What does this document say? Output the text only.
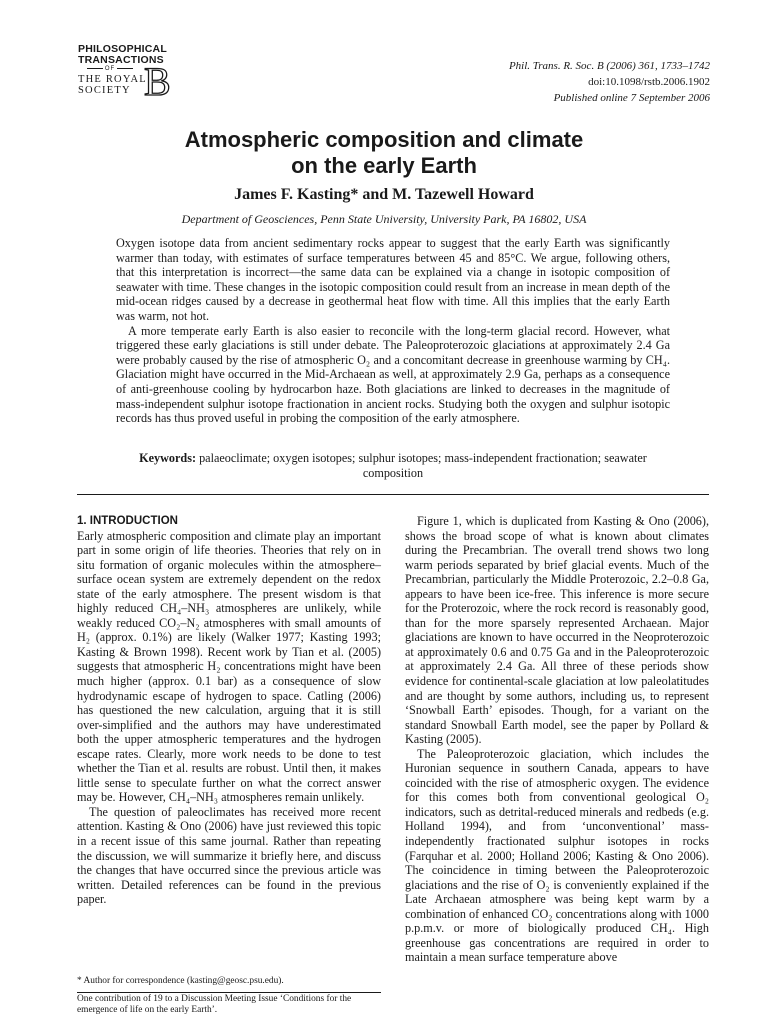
PHILOSOPHICAL
TRANSACTIONS
OF
THE ROYAL
SOCIETY B	Phil. Trans. R. Soc. B (2006) 361, 1733–1742
doi:10.1098/rstb.2006.1902
Published online 7 September 2006
Atmospheric composition and climate
on the early Earth
James F. Kasting* and M. Tazewell Howard
Department of Geosciences, Penn State University, University Park, PA 16802, USA

Oxygen isotope data from ancient sedimentary rocks appear to suggest that the early Earth was significantly warmer than today, with estimates of surface temperatures between 45 and 85°C. We argue, following others, that this interpretation is incorrect—the same data can be explained via a change in isotopic composition of seawater with time. These changes in the isotopic composition could result from an increase in mean depth of the mid-ocean ridges caused by a decrease in geothermal heat flow with time. All this implies that the early Earth was warm, not hot.

A more temperate early Earth is also easier to reconcile with the long-term glacial record. However, what triggered these early glaciations is still under debate. The Paleoproterozoic glaciations at approximately 2.4 Ga were probably caused by the rise of atmospheric O₂ and a concomitant decrease in greenhouse warming by CH₄. Glaciation might have occurred in the Mid-Archaean as well, at approximately 2.9 Ga, perhaps as a consequence of anti-greenhouse cooling by hydrocarbon haze. Both glaciations are linked to decreases in the magnitude of mass-independent sulphur isotope fractionation in ancient rocks. Studying both the oxygen and sulphur isotopic records has thus proved useful in probing the composition of the early atmosphere.

Keywords: palaeoclimate; oxygen isotopes; sulphur isotopes; mass-independent fractionation; seawater composition
1. INTRODUCTION

Early atmospheric composition and climate play an important part in some origin of life theories. Theories that rely on in situ formation of organic molecules within the atmosphere–surface ocean system are extremely dependent on the redox state of the early atmosphere. The present wisdom is that highly reduced CH₄–NH₃ atmospheres are unlikely, while weakly reduced CO₂–N₂ atmospheres with small amounts of H₂ (approx. 0.1%) are likely (Walker 1977; Kasting 1993; Kasting & Brown 1998). Recent work by Tian et al. (2005) suggests that atmospheric H₂ concentrations might have been much higher (approx. 0.1 bar) as a consequence of slow hydrodynamic escape of hydrogen to space. Catling (2006) has questioned the new calculation, arguing that it is still over-simplified and the authors may have underestimated both the upper atmospheric temperatures and the hydrogen escape rates. Clearly, more work needs to be done to test whether the Tian et al. results are robust. Until then, it makes little sense to speculate further on what the correct answer may be. However, CH₄–NH₃ atmospheres remain unlikely.

The question of paleoclimates has received more recent attention. Kasting & Ono (2006) have just reviewed this topic in a recent issue of this same journal. Rather than repeating the discussion, we will summarize it briefly here, and discuss the changes that have occurred since the previous article was written. Detailed references can be found in the previous paper.

Figure 1, which is duplicated from Kasting & Ono (2006), shows the broad scope of what is known about climates during the Precambrian. The overall trend shows two long warm periods separated by brief glacial events. Much of the Precambrian, particularly the Middle Proterozoic, 2.2–0.8 Ga, appears to have been ice-free. This inference is more secure for the Proterozoic, where the rock record is reasonably good, than for the more sparsely represented Archaean. Major glaciations are known to have occurred in the Neoproterozoic at approximately 0.6 and 0.75 Ga and in the Paleoproterozoic at approximately 2.4 Ga. All three of these periods show evidence for continental-scale glaciation at low paleolatitudes and are thought by some authors, including us, to represent ‘Snowball Earth’ episodes. Though, for a variant on the standard Snowball Earth model, see the paper by Pollard & Kasting (2005).

The Paleoproterozoic glaciation, which includes the Huronian sequence in southern Canada, appears to have coincided with the rise of atmospheric oxygen. The evidence for this comes both from conventional geological O₂ indicators, such as detrital-reduced minerals and redbeds (e.g. Holland 1994), and from ‘unconventional’ mass-independently fractionated sulphur isotopes in rocks (Farquhar et al. 2000; Holland 2006; Kasting & Ono 2006). The coincidence in timing between the Paleoproterozoic glaciations and the rise of O₂ is conveniently explained if the Late Archaean atmosphere was being kept warm by a combination of enhanced CO₂ concentrations along with 1000 p.p.m.v. or more of biologically produced CH₄. High greenhouse gas concentrations are required in order to maintain a mean surface temperature above

* Author for correspondence (kasting@geosc.psu.edu).
One contribution of 19 to a Discussion Meeting Issue ‘Conditions for the emergence of life on the early Earth’.
